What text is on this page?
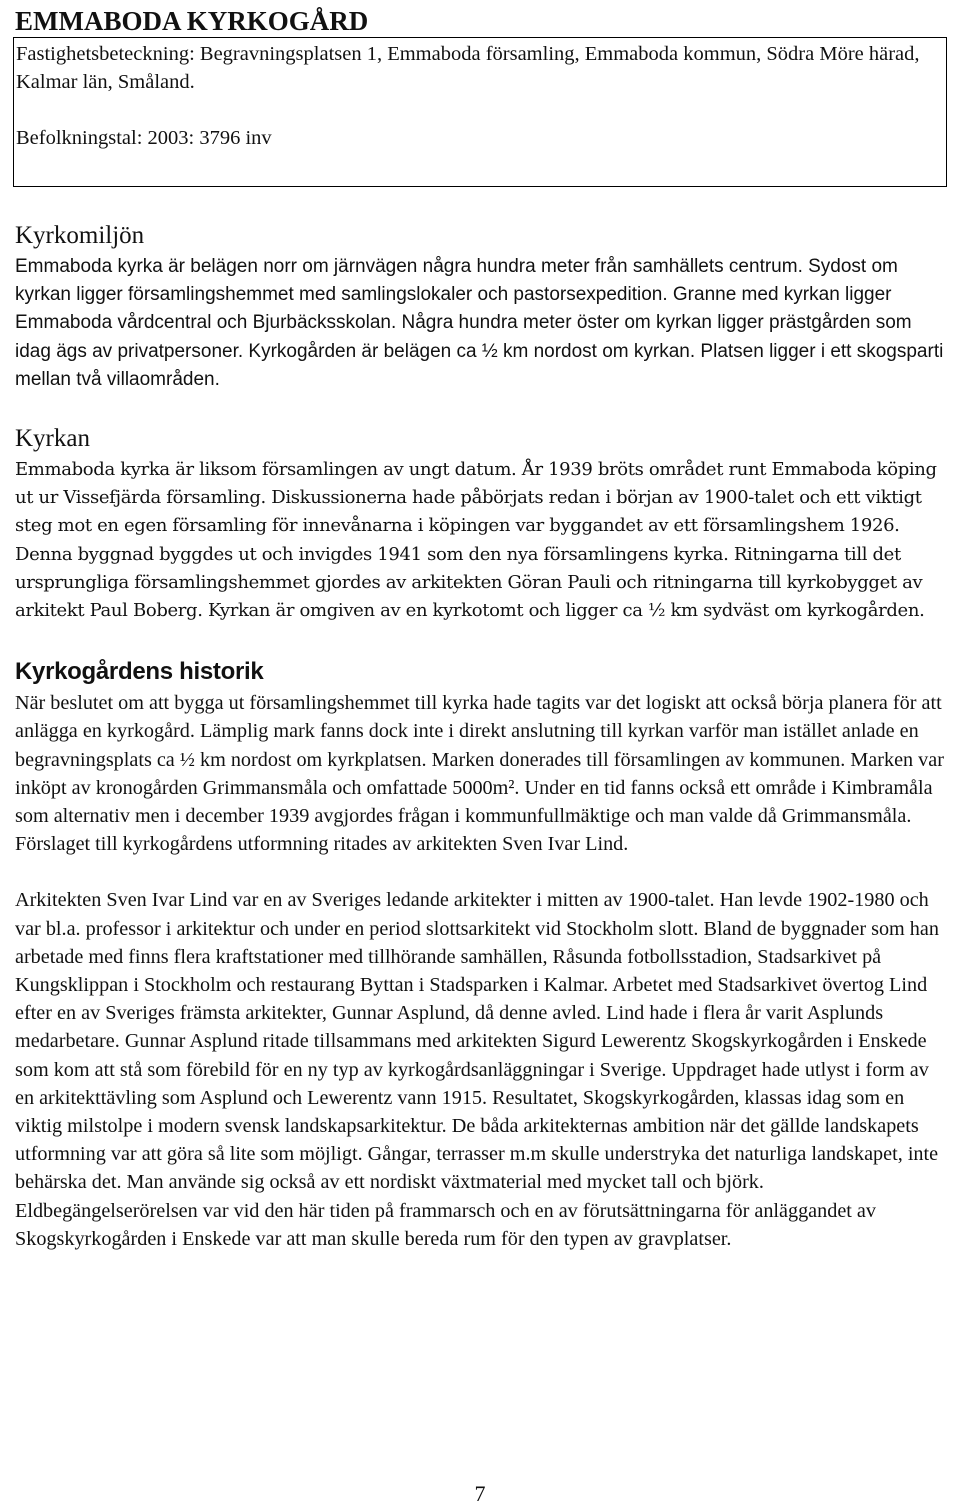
EMMABODA KYRKOGÅRD

Fastighetsbeteckning: Begravningsplatsen 1, Emmaboda församling, Emmaboda kommun, Södra Möre härad, Kalmar län, Småland.

Befolkningstal: 2003: 3796 inv

Kyrkomiljön

Emmaboda kyrka är belägen norr om järnvägen några hundra meter från samhällets centrum. Sydost om kyrkan ligger församlingshemmet med samlingslokaler och pastorsexpedition. Granne med kyrkan ligger Emmaboda vårdcentral och Bjurbäcksskolan. Några hundra meter öster om kyrkan ligger prästgården som idag ägs av privatpersoner. Kyrkogården är belägen ca ½ km nordost om kyrkan. Platsen ligger i ett skogsparti mellan två villaområden.

Kyrkan

Emmaboda kyrka är liksom församlingen av ungt datum. År 1939 bröts området runt Emmaboda köping ut ur Vissefjärda församling. Diskussionerna hade påbörjats redan i början av 1900-talet och ett viktigt steg mot en egen församling för innevånarna i köpingen var byggandet av ett församlingshem 1926. Denna byggnad byggdes ut och invigdes 1941 som den nya församlingens kyrka. Ritningarna till det ursprungliga församlingshemmet gjordes av arkitekten Göran Pauli och ritningarna till kyrkobygget av arkitekt Paul Boberg. Kyrkan är omgiven av en kyrkotomt och ligger ca ½ km sydväst om kyrkogården.

Kyrkogårdens historik

När beslutet om att bygga ut församlingshemmet till kyrka hade tagits var det logiskt att också börja planera för att anlägga en kyrkogård. Lämplig mark fanns dock inte i direkt anslutning till kyrkan varför man istället anlade en begravningsplats ca ½ km nordost om kyrkplatsen. Marken donerades till församlingen av kommunen. Marken var inköpt av kronogården Grimmansmåla och omfattade 5000m². Under en tid fanns också ett område i Kimbramåla som alternativ men i december 1939 avgjordes frågan i kommunfullmäktige och man valde då Grimmansmåla. Förslaget till kyrkogårdens utformning ritades av arkitekten Sven Ivar Lind.

Arkitekten Sven Ivar Lind var en av Sveriges ledande arkitekter i mitten av 1900-talet. Han levde 1902-1980 och var bl.a. professor i arkitektur och under en period slottsarkitekt vid Stockholm slott. Bland de byggnader som han arbetade med finns flera kraftstationer med tillhörande samhällen, Råsunda fotbollsstadion, Stadsarkivet på Kungsklippan i Stockholm och restaurang Byttan i Stadsparken i Kalmar. Arbetet med Stadsarkivet övertog Lind efter en av Sveriges främsta arkitekter, Gunnar Asplund, då denne avled. Lind hade i flera år varit Asplunds medarbetare. Gunnar Asplund ritade tillsammans med arkitekten Sigurd Lewerentz Skogskyrkogården i Enskede som kom att stå som förebild för en ny typ av kyrkogårdsanläggningar i Sverige. Uppdraget hade utlyst i form av en arkitekttävling som Asplund och Lewerentz vann 1915. Resultatet, Skogskyrkogården, klassas idag som en viktig milstolpe i modern svensk landskapsarkitektur. De båda arkitekternas ambition när det gällde landskapets utformning var att göra så lite som möjligt. Gångar, terrasser m.m skulle understryka det naturliga landskapet, inte behärska det. Man använde sig också av ett nordiskt växtmaterial med mycket tall och björk. Eldbegängelserörelsen var vid den här tiden på frammarsch och en av förutsättningarna för anläggandet av Skogskyrkogården i Enskede var att man skulle bereda rum för den typen av gravplatser.

7
